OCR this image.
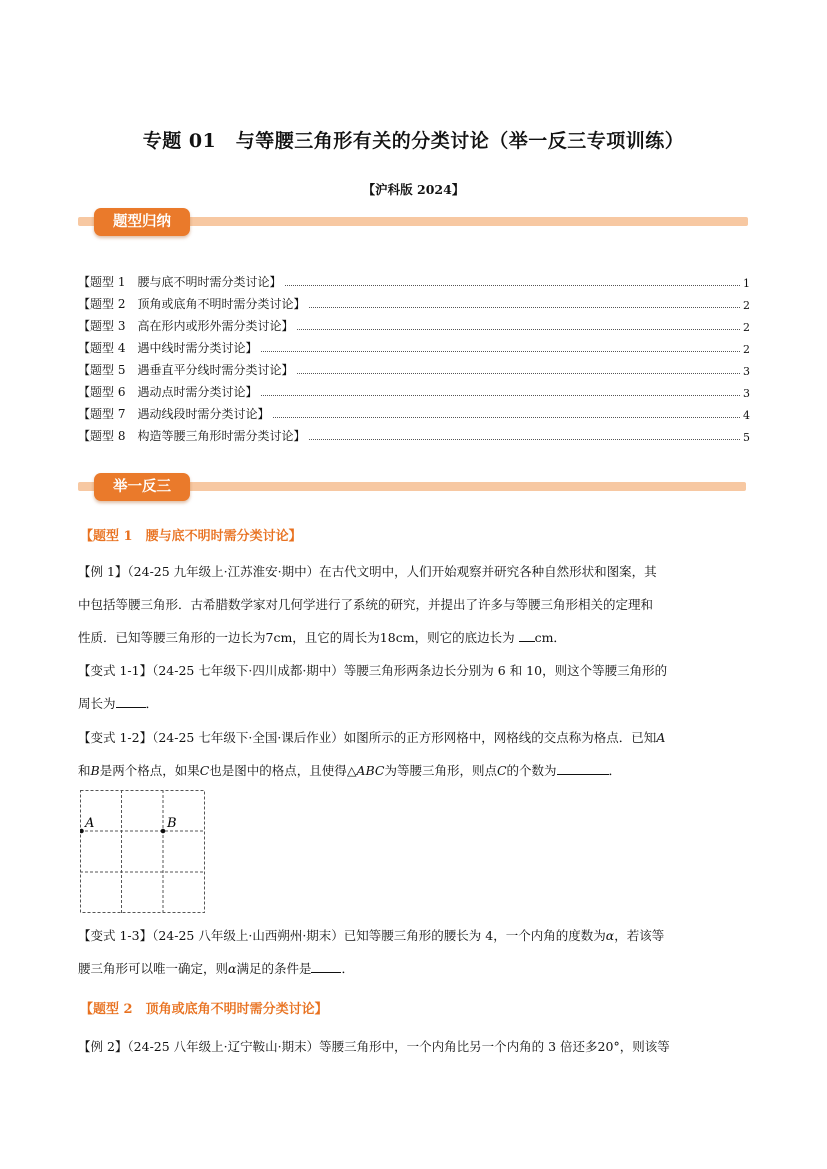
专题 01　与等腰三角形有关的分类讨论（举一反三专项训练）
【沪科版 2024】
题型归纳
【题型 1　腰与底不明时需分类讨论】	1
【题型 2　顶角或底角不明时需分类讨论】	2
【题型 3　高在形内或形外需分类讨论】	2
【题型 4　遇中线时需分类讨论】	2
【题型 5　遇垂直平分线时需分类讨论】	3
【题型 6　遇动点时需分类讨论】	3
【题型 7　遇动线段时需分类讨论】	4
【题型 8　构造等腰三角形时需分类讨论】	5
举一反三
【题型 1　腰与底不明时需分类讨论】
【例 1】（24-25 九年级上·江苏淮安·期中）在古代文明中，人们开始观察并研究各种自然形状和图案，其
中包括等腰三角形．古希腊数学家对几何学进行了系统的研究，并提出了许多与等腰三角形相关的定理和
性质．已知等腰三角形的一边长为7cm，且它的周长为18cm，则它的底边长为 cm．
【变式 1-1】（24-25 七年级下·四川成都·期中）等腰三角形两条边长分别为 6 和 10，则这个等腰三角形的
周长为 ．
【变式 1-2】（24-25 七年级下·全国·课后作业）如图所示的正方形网格中，网格线的交点称为格点．已知A
和B是两个格点，如果C也是图中的格点，且使得△ABC为等腰三角形，则点C的个数为	．
A	B
【变式 1-3】（24-25 八年级上·山西朔州·期末）已知等腰三角形的腰长为 4，一个内角的度数为α，若该等
腰三角形可以唯一确定，则α满足的条件是 ．
【题型 2　顶角或底角不明时需分类讨论】
【例 2】（24-25 八年级上·辽宁鞍山·期末）等腰三角形中，一个内角比另一个内角的 3 倍还多20°，则该等
